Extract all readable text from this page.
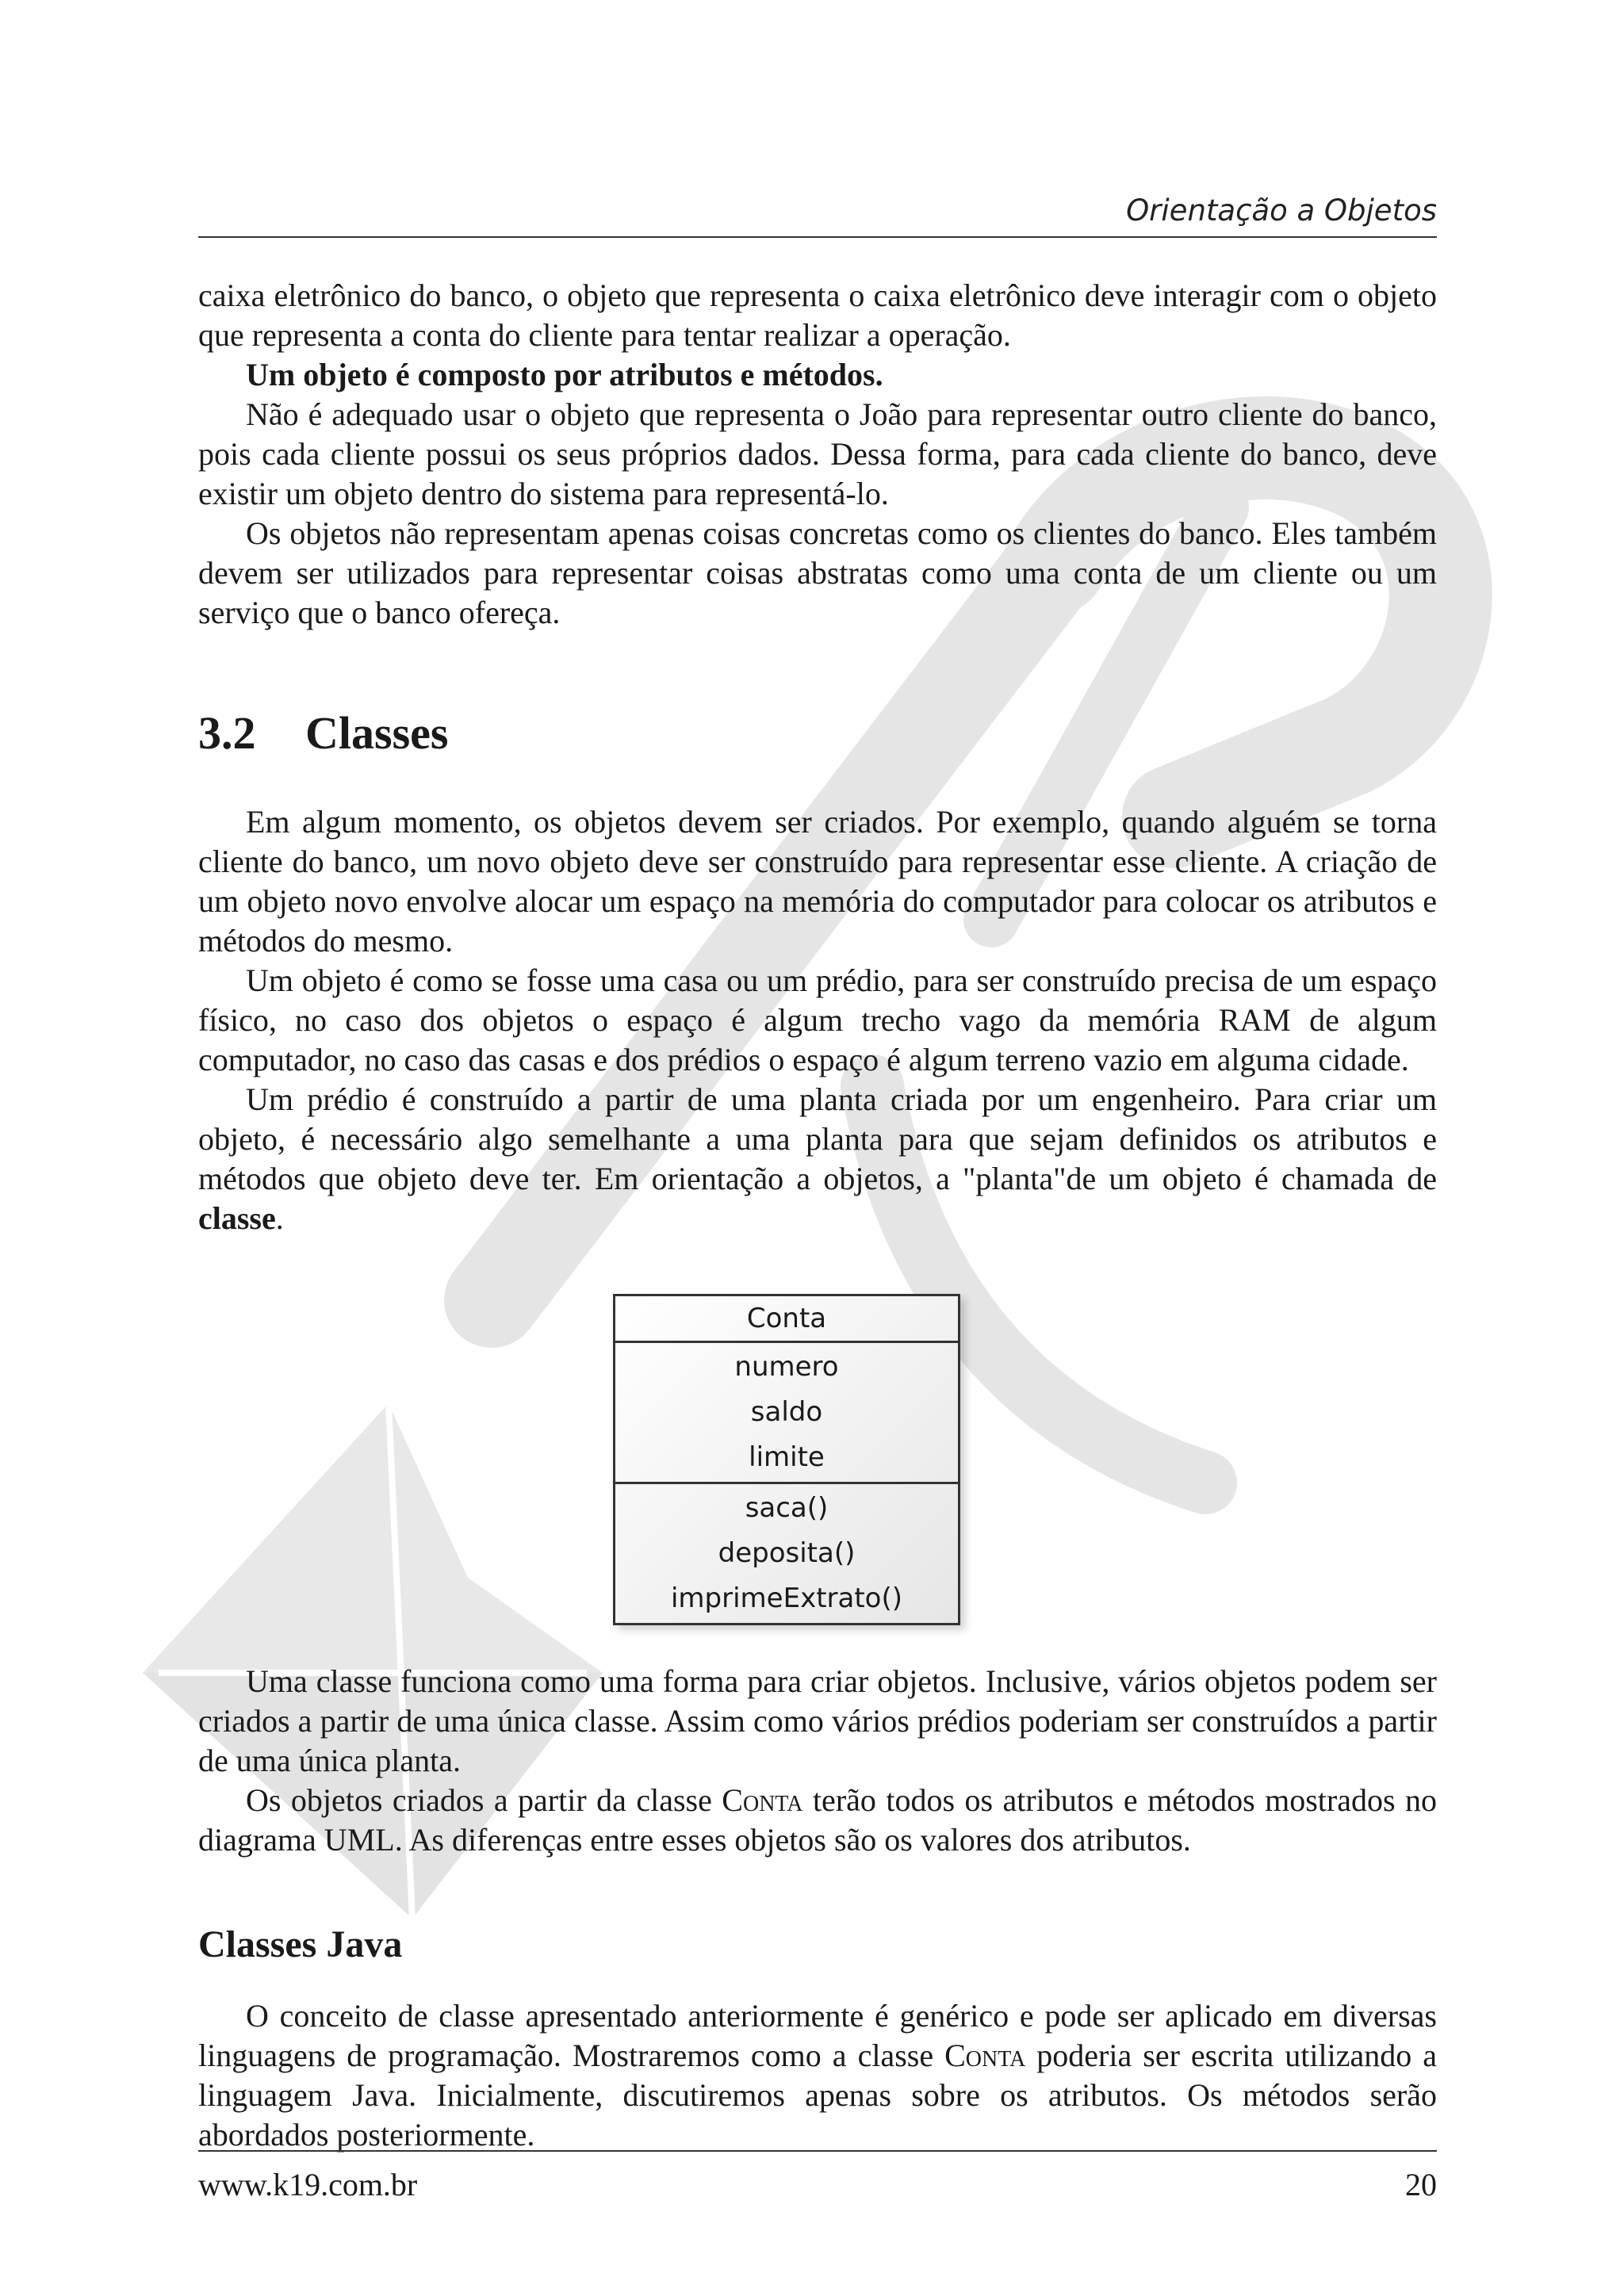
Orientação a Objetos

caixa eletrônico do banco, o objeto que representa o caixa eletrônico deve interagir com o objeto que representa a conta do cliente para tentar realizar a operação.

Um objeto é composto por atributos e métodos.

Não é adequado usar o objeto que representa o João para representar outro cliente do banco, pois cada cliente possui os seus próprios dados. Dessa forma, para cada cliente do banco, deve existir um objeto dentro do sistema para representá-lo.

Os objetos não representam apenas coisas concretas como os clientes do banco. Eles também devem ser utilizados para representar coisas abstratas como uma conta de um cliente ou um serviço que o banco ofereça.

3.2 Classes

Em algum momento, os objetos devem ser criados. Por exemplo, quando alguém se torna cliente do banco, um novo objeto deve ser construído para representar esse cliente. A criação de um objeto novo envolve alocar um espaço na memória do computador para colocar os atributos e métodos do mesmo.

Um objeto é como se fosse uma casa ou um prédio, para ser construído precisa de um espaço físico, no caso dos objetos o espaço é algum trecho vago da memória RAM de algum computador, no caso das casas e dos prédios o espaço é algum terreno vazio em alguma cidade.

Um prédio é construído a partir de uma planta criada por um engenheiro. Para criar um objeto, é necessário algo semelhante a uma planta para que sejam definidos os atributos e métodos que objeto deve ter. Em orientação a objetos, a "planta"de um objeto é chamada de classe.

Conta
numero
saldo
limite
saca()
deposita()
imprimeExtrato()

Uma classe funciona como uma forma para criar objetos. Inclusive, vários objetos podem ser criados a partir de uma única classe. Assim como vários prédios poderiam ser construídos a partir de uma única planta.

Os objetos criados a partir da classe Conta terão todos os atributos e métodos mostrados no diagrama UML. As diferenças entre esses objetos são os valores dos atributos.

Classes Java

O conceito de classe apresentado anteriormente é genérico e pode ser aplicado em diversas linguagens de programação. Mostraremos como a classe Conta poderia ser escrita utilizando a linguagem Java. Inicialmente, discutiremos apenas sobre os atributos. Os métodos serão abordados posteriormente.

www.k19.com.br	20
